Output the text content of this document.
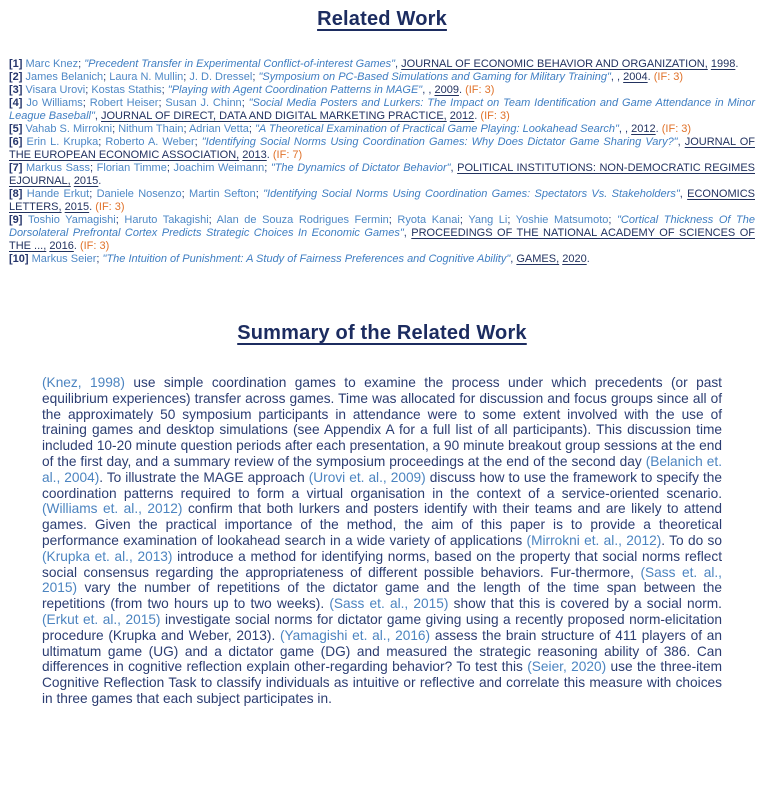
Related Work

[1] Marc Knez; "Precedent Transfer in Experimental Conflict-of-interest Games", JOURNAL OF ECONOMIC BEHAVIOR AND ORGANIZATION, 1998.

[2] James Belanich; Laura N. Mullin; J. D. Dressel; "Symposium on PC-Based Simulations and Gaming for Military Training", , 2004. (IF: 3)

[3] Visara Urovi; Kostas Stathis; "Playing with Agent Coordination Patterns in MAGE", , 2009. (IF: 3)

[4] Jo Williams; Robert Heiser; Susan J. Chinn; "Social Media Posters and Lurkers: The Impact on Team Identification and Game Attendance in Minor League Baseball", JOURNAL OF DIRECT, DATA AND DIGITAL MARKETING PRACTICE, 2012. (IF: 3)

[5] Vahab S. Mirrokni; Nithum Thain; Adrian Vetta; "A Theoretical Examination of Practical Game Playing: Lookahead Search", , 2012. (IF: 3)

[6] Erin L. Krupka; Roberto A. Weber; "Identifying Social Norms Using Coordination Games: Why Does Dictator Game Sharing Vary?", JOURNAL OF THE EUROPEAN ECONOMIC ASSOCIATION, 2013. (IF: 7)

[7] Markus Sass; Florian Timme; Joachim Weimann; "The Dynamics of Dictator Behavior", POLITICAL INSTITUTIONS: NON-DEMOCRATIC REGIMES EJOURNAL, 2015.

[8] Hande Erkut; Daniele Nosenzo; Martin Sefton; "Identifying Social Norms Using Coordination Games: Spectators Vs. Stakeholders", ECONOMICS LETTERS, 2015. (IF: 3)

[9] Toshio Yamagishi; Haruto Takagishi; Alan de Souza Rodrigues Fermin; Ryota Kanai; Yang Li; Yoshie Matsumoto; "Cortical Thickness Of The Dorsolateral Prefrontal Cortex Predicts Strategic Choices In Economic Games", PROCEEDINGS OF THE NATIONAL ACADEMY OF SCIENCES OF THE ..., 2016. (IF: 3)

[10] Markus Seier; "The Intuition of Punishment: A Study of Fairness Preferences and Cognitive Ability", GAMES, 2020.

Summary of the Related Work

(Knez, 1998) use simple coordination games to examine the process under which precedents (or past equilibrium experiences) transfer across games. Time was allocated for discussion and focus groups since all of the approximately 50 symposium participants in attendance were to some extent involved with the use of training games and desktop simulations (see Appendix A for a full list of all participants). This discussion time included 10-20 minute question periods after each presentation, a 90 minute breakout group sessions at the end of the first day, and a summary review of the symposium proceedings at the end of the second day (Belanich et. al., 2004). To illustrate the MAGE approach (Urovi et. al., 2009) discuss how to use the framework to specify the coordination patterns required to form a virtual organisation in the context of a service-oriented scenario. (Williams et. al., 2012) confirm that both lurkers and posters identify with their teams and are likely to attend games. Given the practical importance of the method, the aim of this paper is to provide a theoretical performance examination of lookahead search in a wide variety of applications (Mirrokni et. al., 2012). To do so (Krupka et. al., 2013) introduce a method for identifying norms, based on the property that social norms reflect social consensus regarding the appropriateness of different possible behaviors. Fur-thermore, (Sass et. al., 2015) vary the number of repetitions of the dictator game and the length of the time span between the repetitions (from two hours up to two weeks). (Sass et. al., 2015) show that this is covered by a social norm. (Erkut et. al., 2015) investigate social norms for dictator game giving using a recently proposed norm-elicitation procedure (Krupka and Weber, 2013). (Yamagishi et. al., 2016) assess the brain structure of 411 players of an ultimatum game (UG) and a dictator game (DG) and measured the strategic reasoning ability of 386. Can differences in cognitive reflection explain other-regarding behavior? To test this (Seier, 2020) use the three-item Cognitive Reflection Task to classify individuals as intuitive or reflective and correlate this measure with choices in three games that each subject participates in.
